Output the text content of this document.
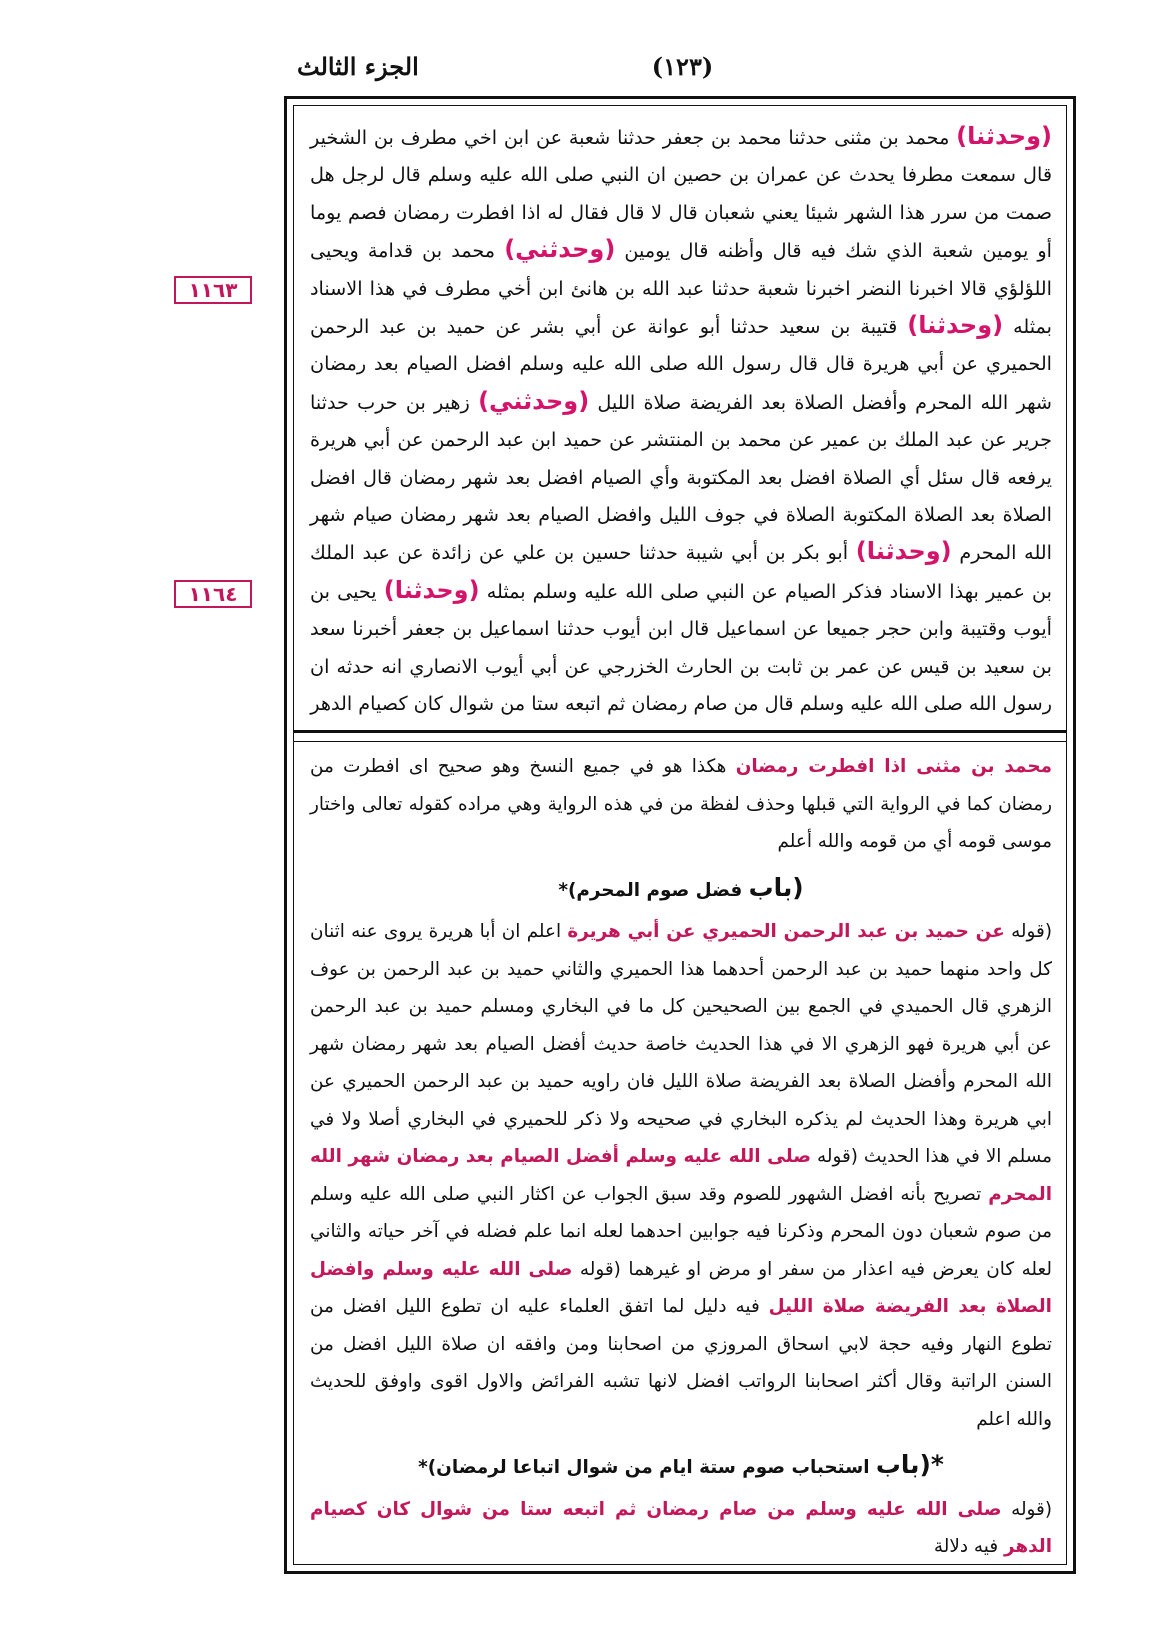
(١٢٣)
الجزء الثالث
١١٦٣
١١٦٤
(وحدثنا) محمد بن مثنى حدثنا محمد بن جعفر حدثنا شعبة عن ابن اخي مطرف بن الشخير قال سمعت مطرفا يحدث عن عمران بن حصين ان النبي صلى الله عليه وسلم قال لرجل هل صمت من سرر هذا الشهر شيئا يعني شعبان قال لا قال فقال له اذا افطرت رمضان فصم يوما أو يومين شعبة الذي شك فيه قال وأظنه قال يومين (وحدثني) محمد بن قدامة ويحيى اللؤلؤي قالا اخبرنا النضر اخبرنا شعبة حدثنا عبد الله بن هانئ ابن أخي مطرف في هذا الاسناد بمثله (وحدثنا) قتيبة بن سعيد حدثنا أبو عوانة عن أبي بشر عن حميد بن عبد الرحمن الحميري عن أبي هريرة قال قال رسول الله صلى الله عليه وسلم افضل الصيام بعد رمضان شهر الله المحرم وأفضل الصلاة بعد الفريضة صلاة الليل (وحدثني) زهير بن حرب حدثنا جرير عن عبد الملك بن عمير عن محمد بن المنتشر عن حميد ابن عبد الرحمن عن أبي هريرة يرفعه قال سئل أي الصلاة افضل بعد المكتوبة وأي الصيام افضل بعد شهر رمضان قال افضل الصلاة بعد الصلاة المكتوبة الصلاة في جوف الليل وافضل الصيام بعد شهر رمضان صيام شهر الله المحرم (وحدثنا) أبو بكر بن أبي شيبة حدثنا حسين بن علي عن زائدة عن عبد الملك بن عمير بهذا الاسناد فذكر الصيام عن النبي صلى الله عليه وسلم بمثله (وحدثنا) يحيى بن أيوب وقتيبة وابن حجر جميعا عن اسماعيل قال ابن أيوب حدثنا اسماعيل بن جعفر أخبرنا سعد بن سعيد بن قيس عن عمر بن ثابت بن الحارث الخزرجي عن أبي أيوب الانصاري انه حدثه ان رسول الله صلى الله عليه وسلم قال من صام رمضان ثم اتبعه ستا من شوال كان كصيام الدهر
محمد بن مثنى اذا افطرت رمضان هكذا هو في جميع النسخ وهو صحيح اى افطرت من رمضان كما في الرواية التي قبلها وحذف لفظة من في هذه الرواية وهي مراده كقوله تعالى واختار موسى قومه أي من قومه والله أعلم
(باب فضل صوم المحرم)*
(قوله عن حميد بن عبد الرحمن الحميري عن أبي هريرة اعلم ان أبا هريرة يروى عنه اثنان كل واحد منهما حميد بن عبد الرحمن أحدهما هذا الحميري والثاني حميد بن عبد الرحمن بن عوف الزهري قال الحميدي في الجمع بين الصحيحين كل ما في البخاري ومسلم حميد بن عبد الرحمن عن أبي هريرة فهو الزهري الا في هذا الحديث خاصة حديث أفضل الصيام بعد شهر رمضان شهر الله المحرم وأفضل الصلاة بعد الفريضة صلاة الليل فان راويه حميد بن عبد الرحمن الحميري عن ابي هريرة وهذا الحديث لم يذكره البخاري في صحيحه ولا ذكر للحميري في البخاري أصلا ولا في مسلم الا في هذا الحديث (قوله صلى الله عليه وسلم أفضل الصيام بعد رمضان شهر الله المحرم تصريح بأنه افضل الشهور للصوم وقد سبق الجواب عن اكثار النبي صلى الله عليه وسلم من صوم شعبان دون المحرم وذكرنا فيه جوابين احدهما لعله انما علم فضله في آخر حياته والثاني لعله كان يعرض فيه اعذار من سفر او مرض او غيرهما (قوله صلى الله عليه وسلم وافضل الصلاة بعد الفريضة صلاة الليل فيه دليل لما اتفق العلماء عليه ان تطوع الليل افضل من تطوع النهار وفيه حجة لابي اسحاق المروزي من اصحابنا ومن وافقه ان صلاة الليل افضل من السنن الراتبة وقال أكثر اصحابنا الرواتب افضل لانها تشبه الفرائض والاول اقوى واوفق للحديث والله اعلم
*(باب استحباب صوم ستة ايام من شوال اتباعا لرمضان)*
(قوله صلى الله عليه وسلم من صام رمضان ثم اتبعه ستا من شوال كان كصيام الدهر فيه دلالة
